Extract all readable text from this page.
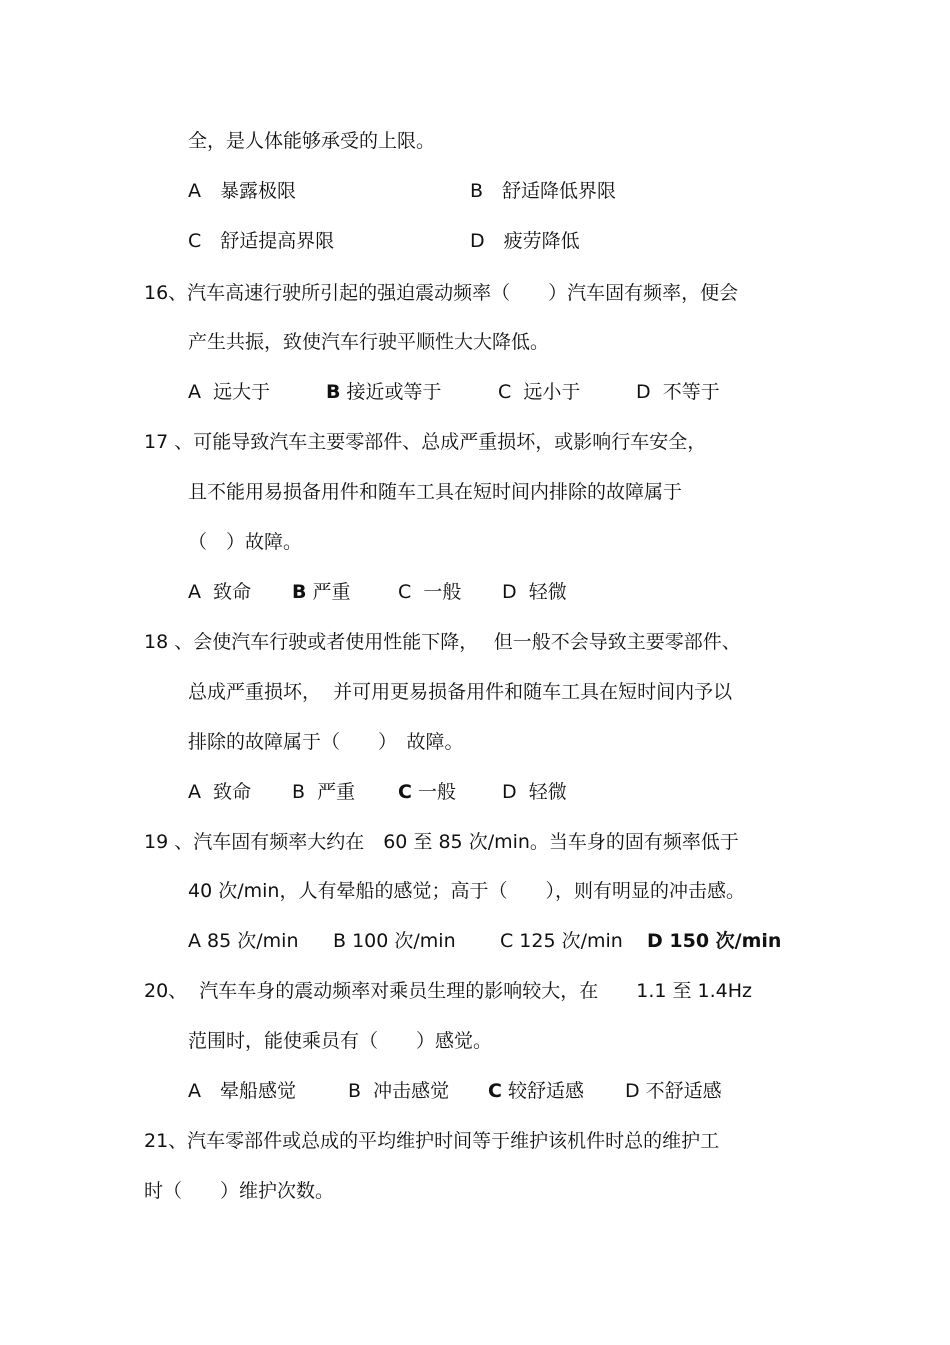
全，是人体能够承受的上限。
A　暴露极限	B　舒适降低界限
C　舒适提高界限	D　疲劳降低
16、汽车高速行驶所引起的强迫震动频率（　　）汽车固有频率，便会
产生共振，致使汽车行驶平顺性大大降低。
A  远大于	B 接近或等于	C  远小于	D  不等于
17 、可能导致汽车主要零部件、总成严重损坏，或影响行车安全，
且不能用易损备用件和随车工具在短时间内排除的故障属于
（　）故障。
A  致命 B 严重 C  一般 D  轻微
18 、会使汽车行驶或者使用性能下降，　 但一般不会导致主要零部件、
总成严重损坏，  并可用更易损备用件和随车工具在短时间内予以
排除的故障属于（　　）　故障。
A  致命 B  严重 C 一般 D  轻微
19 、汽车固有频率大约在　60 至 85 次/min。当车身的固有频率低于
40 次/min，人有晕船的感觉；高于（　　），则有明显的冲击感。
A 85 次/min B 100 次/min C 125 次/min D 150 次/min
20、  汽车车身的震动频率对乘员生理的影响较大，在　　1.1 至 1.4Hz
范围时，能使乘员有（　　）感觉。
A　晕船感觉	B  冲击感觉 C 较舒适感 D 不舒适感
21、汽车零部件或总成的平均维护时间等于维护该机件时总的维护工
时（　　）维护次数。
